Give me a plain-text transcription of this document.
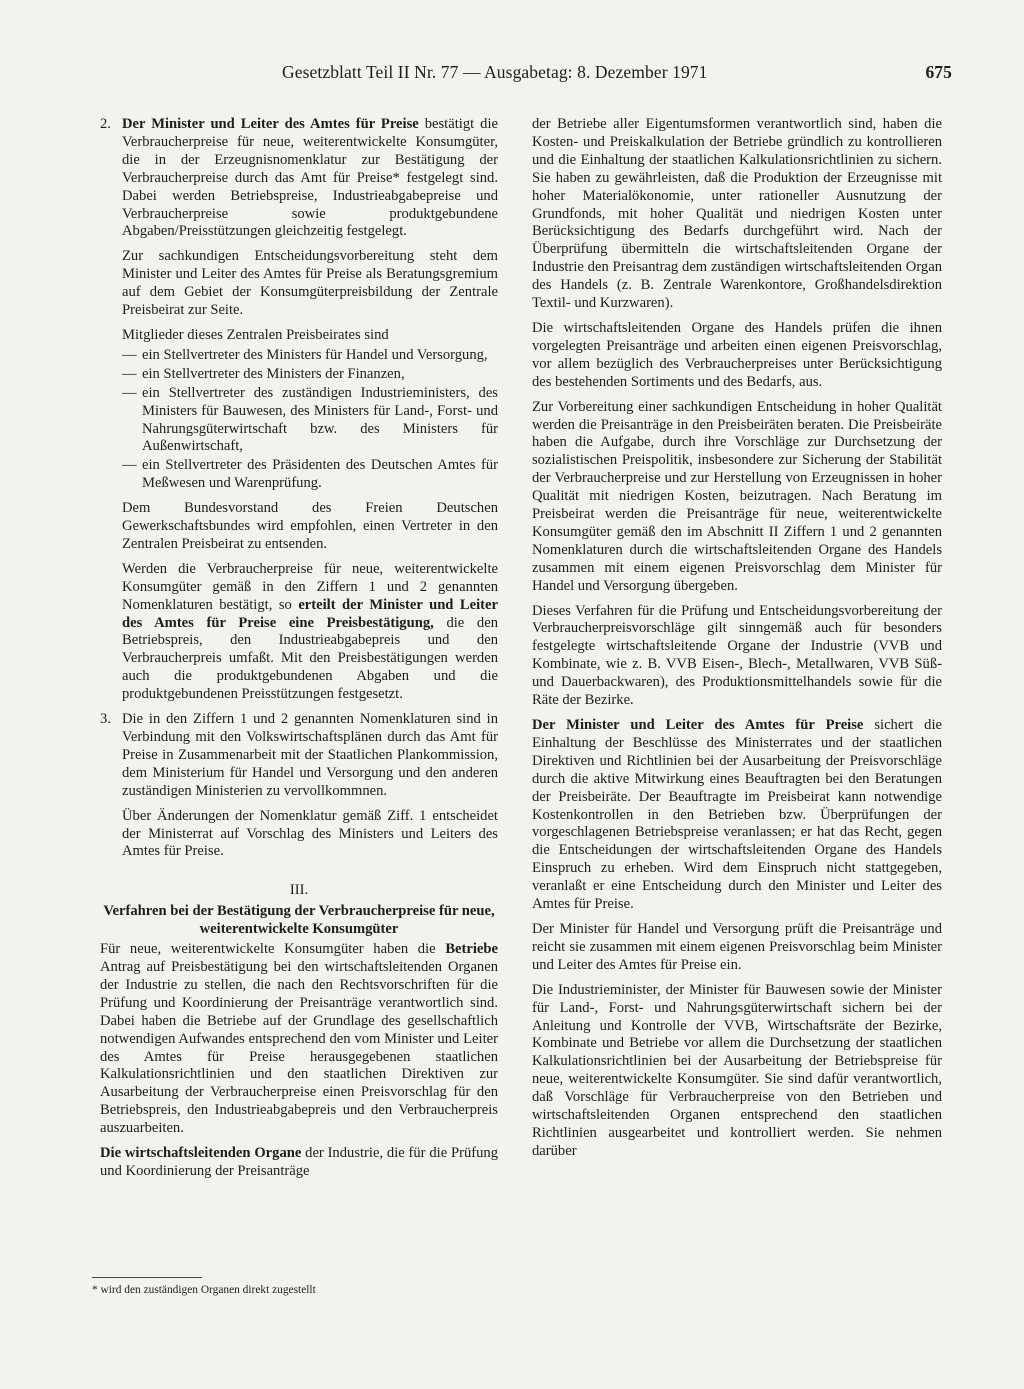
Gesetzblatt Teil II Nr. 77 — Ausgabetag: 8. Dezember 1971	675
2. Der Minister und Leiter des Amtes für Preise bestätigt die Verbraucherpreise für neue, weiterentwickelte Konsumgüter, die in der Erzeugnisnomenklatur zur Bestätigung der Verbraucherpreise durch das Amt für Preise* festgelegt sind. Dabei werden Betriebspreise, Industrieabgabepreise und Verbraucherpreise sowie produktgebundene Abgaben/Preisstützungen gleichzeitig festgelegt.

Zur sachkundigen Entscheidungsvorbereitung steht dem Minister und Leiter des Amtes für Preise als Beratungsgremium auf dem Gebiet der Konsumgüterpreisbildung der Zentrale Preisbeirat zur Seite.

Mitglieder dieses Zentralen Preisbeirates sind

— ein Stellvertreter des Ministers für Handel und Versorgung,
— ein Stellvertreter des Ministers der Finanzen,
— ein Stellvertreter des zuständigen Industrieministers, des Ministers für Bauwesen, des Ministers für Land-, Forst- und Nahrungsgüterwirtschaft bzw. des Ministers für Außenwirtschaft,
— ein Stellvertreter des Präsidenten des Deutschen Amtes für Meßwesen und Warenprüfung.

Dem Bundesvorstand des Freien Deutschen Gewerkschaftsbundes wird empfohlen, einen Vertreter in den Zentralen Preisbeirat zu entsenden.

Werden die Verbraucherpreise für neue, weiterentwickelte Konsumgüter gemäß in den Ziffern 1 und 2 genannten Nomenklaturen bestätigt, so erteilt der Minister und Leiter des Amtes für Preise eine Preisbestätigung, die den Betriebspreis, den Industrieabgabepreis und den Verbraucherpreis umfaßt. Mit den Preisbestätigungen werden auch die produktgebundenen Abgaben und die produktgebundenen Preisstützungen festgesetzt.

3. Die in den Ziffern 1 und 2 genannten Nomenklaturen sind in Verbindung mit den Volkswirtschaftsplänen durch das Amt für Preise in Zusammenarbeit mit der Staatlichen Plankommission, dem Ministerium für Handel und Versorgung und den anderen zuständigen Ministerien zu vervollkommnen.

Über Änderungen der Nomenklatur gemäß Ziff. 1 entscheidet der Ministerrat auf Vorschlag des Ministers und Leiters des Amtes für Preise.

III.

Verfahren bei der Bestätigung der Verbraucherpreise für neue, weiterentwickelte Konsumgüter

Für neue, weiterentwickelte Konsumgüter haben die Betriebe Antrag auf Preisbestätigung bei den wirtschaftsleitenden Organen der Industrie zu stellen, die nach den Rechtsvorschriften für die Prüfung und Koordinierung der Preisanträge verantwortlich sind. Dabei haben die Betriebe auf der Grundlage des gesellschaftlich notwendigen Aufwandes entsprechend den vom Minister und Leiter des Amtes für Preise herausgegebenen staatlichen Kalkulationsrichtlinien und den staatlichen Direktiven zur Ausarbeitung der Verbraucherpreise einen Preisvorschlag für den Betriebspreis, den Industrieabgabepreis und den Verbraucherpreis auszuarbeiten.

Die wirtschaftsleitenden Organe der Industrie, die für die Prüfung und Koordinierung der Preisanträge

der Betriebe aller Eigentumsformen verantwortlich sind, haben die Kosten- und Preiskalkulation der Betriebe gründlich zu kontrollieren und die Einhaltung der staatlichen Kalkulationsrichtlinien zu sichern. Sie haben zu gewährleisten, daß die Produktion der Erzeugnisse mit hoher Materialökonomie, unter rationeller Ausnutzung der Grundfonds, mit hoher Qualität und niedrigen Kosten unter Berücksichtigung des Bedarfs durchgeführt wird. Nach der Überprüfung übermitteln die wirtschaftsleitenden Organe der Industrie den Preisantrag dem zuständigen wirtschaftsleitenden Organ des Handels (z. B. Zentrale Warenkontore, Großhandelsdirektion Textil- und Kurzwaren).

Die wirtschaftsleitenden Organe des Handels prüfen die ihnen vorgelegten Preisanträge und arbeiten einen eigenen Preisvorschlag, vor allem bezüglich des Verbraucherpreises unter Berücksichtigung des bestehenden Sortiments und des Bedarfs, aus.

Zur Vorbereitung einer sachkundigen Entscheidung in hoher Qualität werden die Preisanträge in den Preisbeiräten beraten. Die Preisbeiräte haben die Aufgabe, durch ihre Vorschläge zur Durchsetzung der sozialistischen Preispolitik, insbesondere zur Sicherung der Stabilität der Verbraucherpreise und zur Herstellung von Erzeugnissen in hoher Qualität mit niedrigen Kosten, beizutragen. Nach Beratung im Preisbeirat werden die Preisanträge für neue, weiterentwickelte Konsumgüter gemäß den im Abschnitt II Ziffern 1 und 2 genannten Nomenklaturen durch die wirtschaftsleitenden Organe des Handels zusammen mit einem eigenen Preisvorschlag dem Minister für Handel und Versorgung übergeben.

Dieses Verfahren für die Prüfung und Entscheidungsvorbereitung der Verbraucherpreisvorschläge gilt sinngemäß auch für besonders festgelegte wirtschaftsleitende Organe der Industrie (VVB und Kombinate, wie z. B. VVB Eisen-, Blech-, Metallwaren, VVB Süß- und Dauerbackwaren), des Produktionsmittelhandels sowie für die Räte der Bezirke.

Der Minister und Leiter des Amtes für Preise sichert die Einhaltung der Beschlüsse des Ministerrates und der staatlichen Direktiven und Richtlinien bei der Ausarbeitung der Preisvorschläge durch die aktive Mitwirkung eines Beauftragten bei den Beratungen der Preisbeiräte. Der Beauftragte im Preisbeirat kann notwendige Kostenkontrollen in den Betrieben bzw. Überprüfungen der vorgeschlagenen Betriebspreise veranlassen; er hat das Recht, gegen die Entscheidungen der wirtschaftsleitenden Organe des Handels Einspruch zu erheben. Wird dem Einspruch nicht stattgegeben, veranlaßt er eine Entscheidung durch den Minister und Leiter des Amtes für Preise.

Der Minister für Handel und Versorgung prüft die Preisanträge und reicht sie zusammen mit einem eigenen Preisvorschlag beim Minister und Leiter des Amtes für Preise ein.

Die Industrieminister, der Minister für Bauwesen sowie der Minister für Land-, Forst- und Nahrungsgüterwirtschaft sichern bei der Anleitung und Kontrolle der VVB, Wirtschaftsräte der Bezirke, Kombinate und Betriebe vor allem die Durchsetzung der staatlichen Kalkulationsrichtlinien bei der Ausarbeitung der Betriebspreise für neue, weiterentwickelte Konsumgüter. Sie sind dafür verantwortlich, daß Vorschläge für Verbraucherpreise von den Betrieben und wirtschaftsleitenden Organen entsprechend den staatlichen Richtlinien ausgearbeitet und kontrolliert werden. Sie nehmen darüber

* wird den zuständigen Organen direkt zugestellt
